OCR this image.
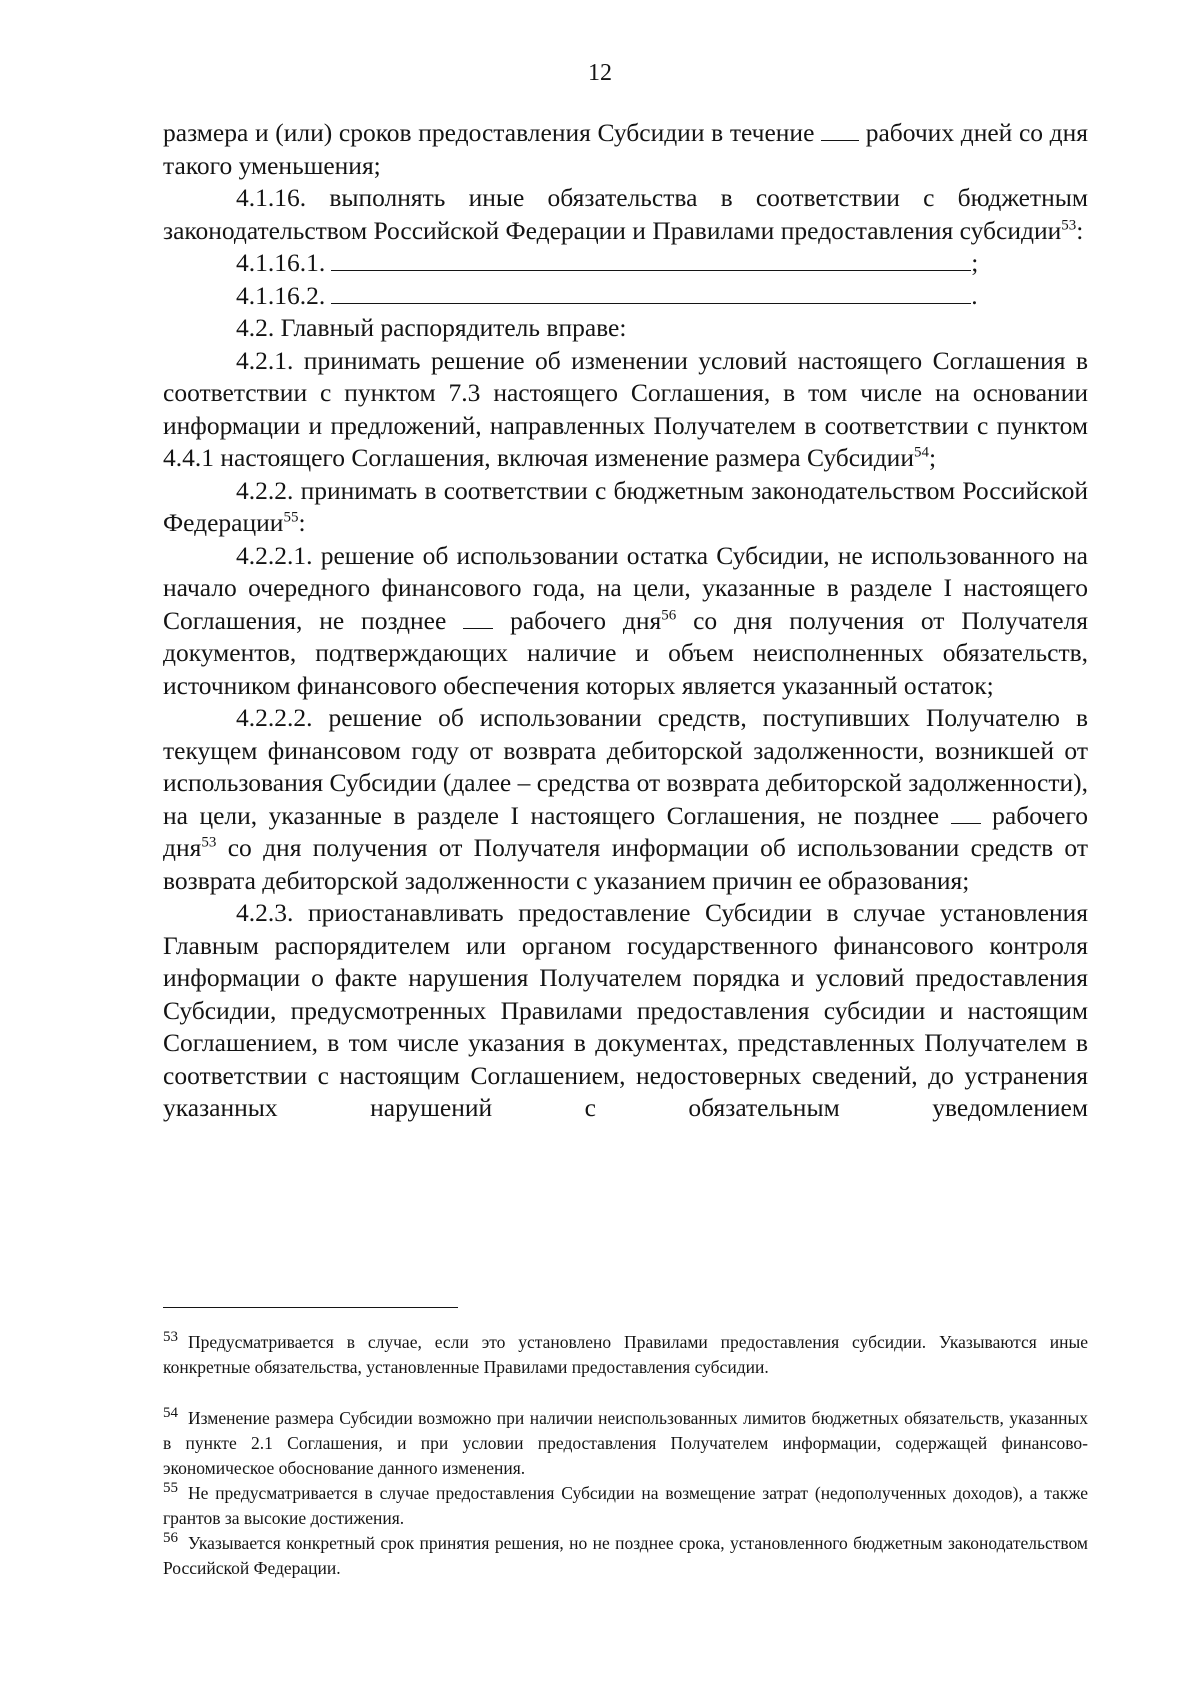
12

размера и (или) сроков предоставления Субсидии в течение рабочих дней со дня такого уменьшения;

4.1.16. выполнять иные обязательства в соответствии с бюджетным законодательством Российской Федерации и Правилами предоставления субсидии$^{53}$:

4.1.16.1.	;

4.1.16.2.	.

4.2. Главный распорядитель вправе:

4.2.1. принимать решение об изменении условий настоящего Соглашения в соответствии с пунктом 7.3 настоящего Соглашения, в том числе на основании информации и предложений, направленных Получателем в соответствии с пунктом 4.4.1 настоящего Соглашения, включая изменение размера Субсидии$^{54}$;

4.2.2. принимать в соответствии с бюджетным законодательством Российской Федерации$^{55}$:

4.2.2.1. решение об использовании остатка Субсидии, не использованного на начало очередного финансового года, на цели, указанные в разделе I настоящего Соглашения, не позднее	рабочего дня$^{56}$ со дня получения от Получателя документов, подтверждающих наличие и объем неисполненных обязательств, источником финансового обеспечения которых является указанный остаток;

4.2.2.2. решение об использовании средств, поступивших Получателю в текущем финансовом году от возврата дебиторской задолженности, возникшей от использования Субсидии (далее – средства от возврата дебиторской задолженности), на цели, указанные в разделе I настоящего Соглашения, не позднее рабочего дня$^{53}$ со дня получения от Получателя информации об использовании средств от возврата дебиторской задолженности с указанием причин ее образования;

4.2.3. приостанавливать предоставление Субсидии в случае установления Главным распорядителем или органом государственного финансового контроля информации о факте нарушения Получателем порядка и условий предоставления Субсидии, предусмотренных Правилами предоставления субсидии и настоящим Соглашением, в том числе указания в документах, представленных Получателем в соответствии с настоящим Соглашением, недостоверных сведений, до устранения указанных нарушений с обязательным уведомлением

53 Предусматривается в случае, если это установлено Правилами предоставления субсидии. Указываются иные конкретные обязательства, установленные Правилами предоставления субсидии.

54 Изменение размера Субсидии возможно при наличии неиспользованных лимитов бюджетных обязательств, указанных в пункте 2.1 Соглашения, и при условии предоставления Получателем информации, содержащей финансово-экономическое обоснование данного изменения.

55 Не предусматривается в случае предоставления Субсидии на возмещение затрат (недополученных доходов), а также грантов за высокие достижения.

56 Указывается конкретный срок принятия решения, но не позднее срока, установленного бюджетным законодательством Российской Федерации.
